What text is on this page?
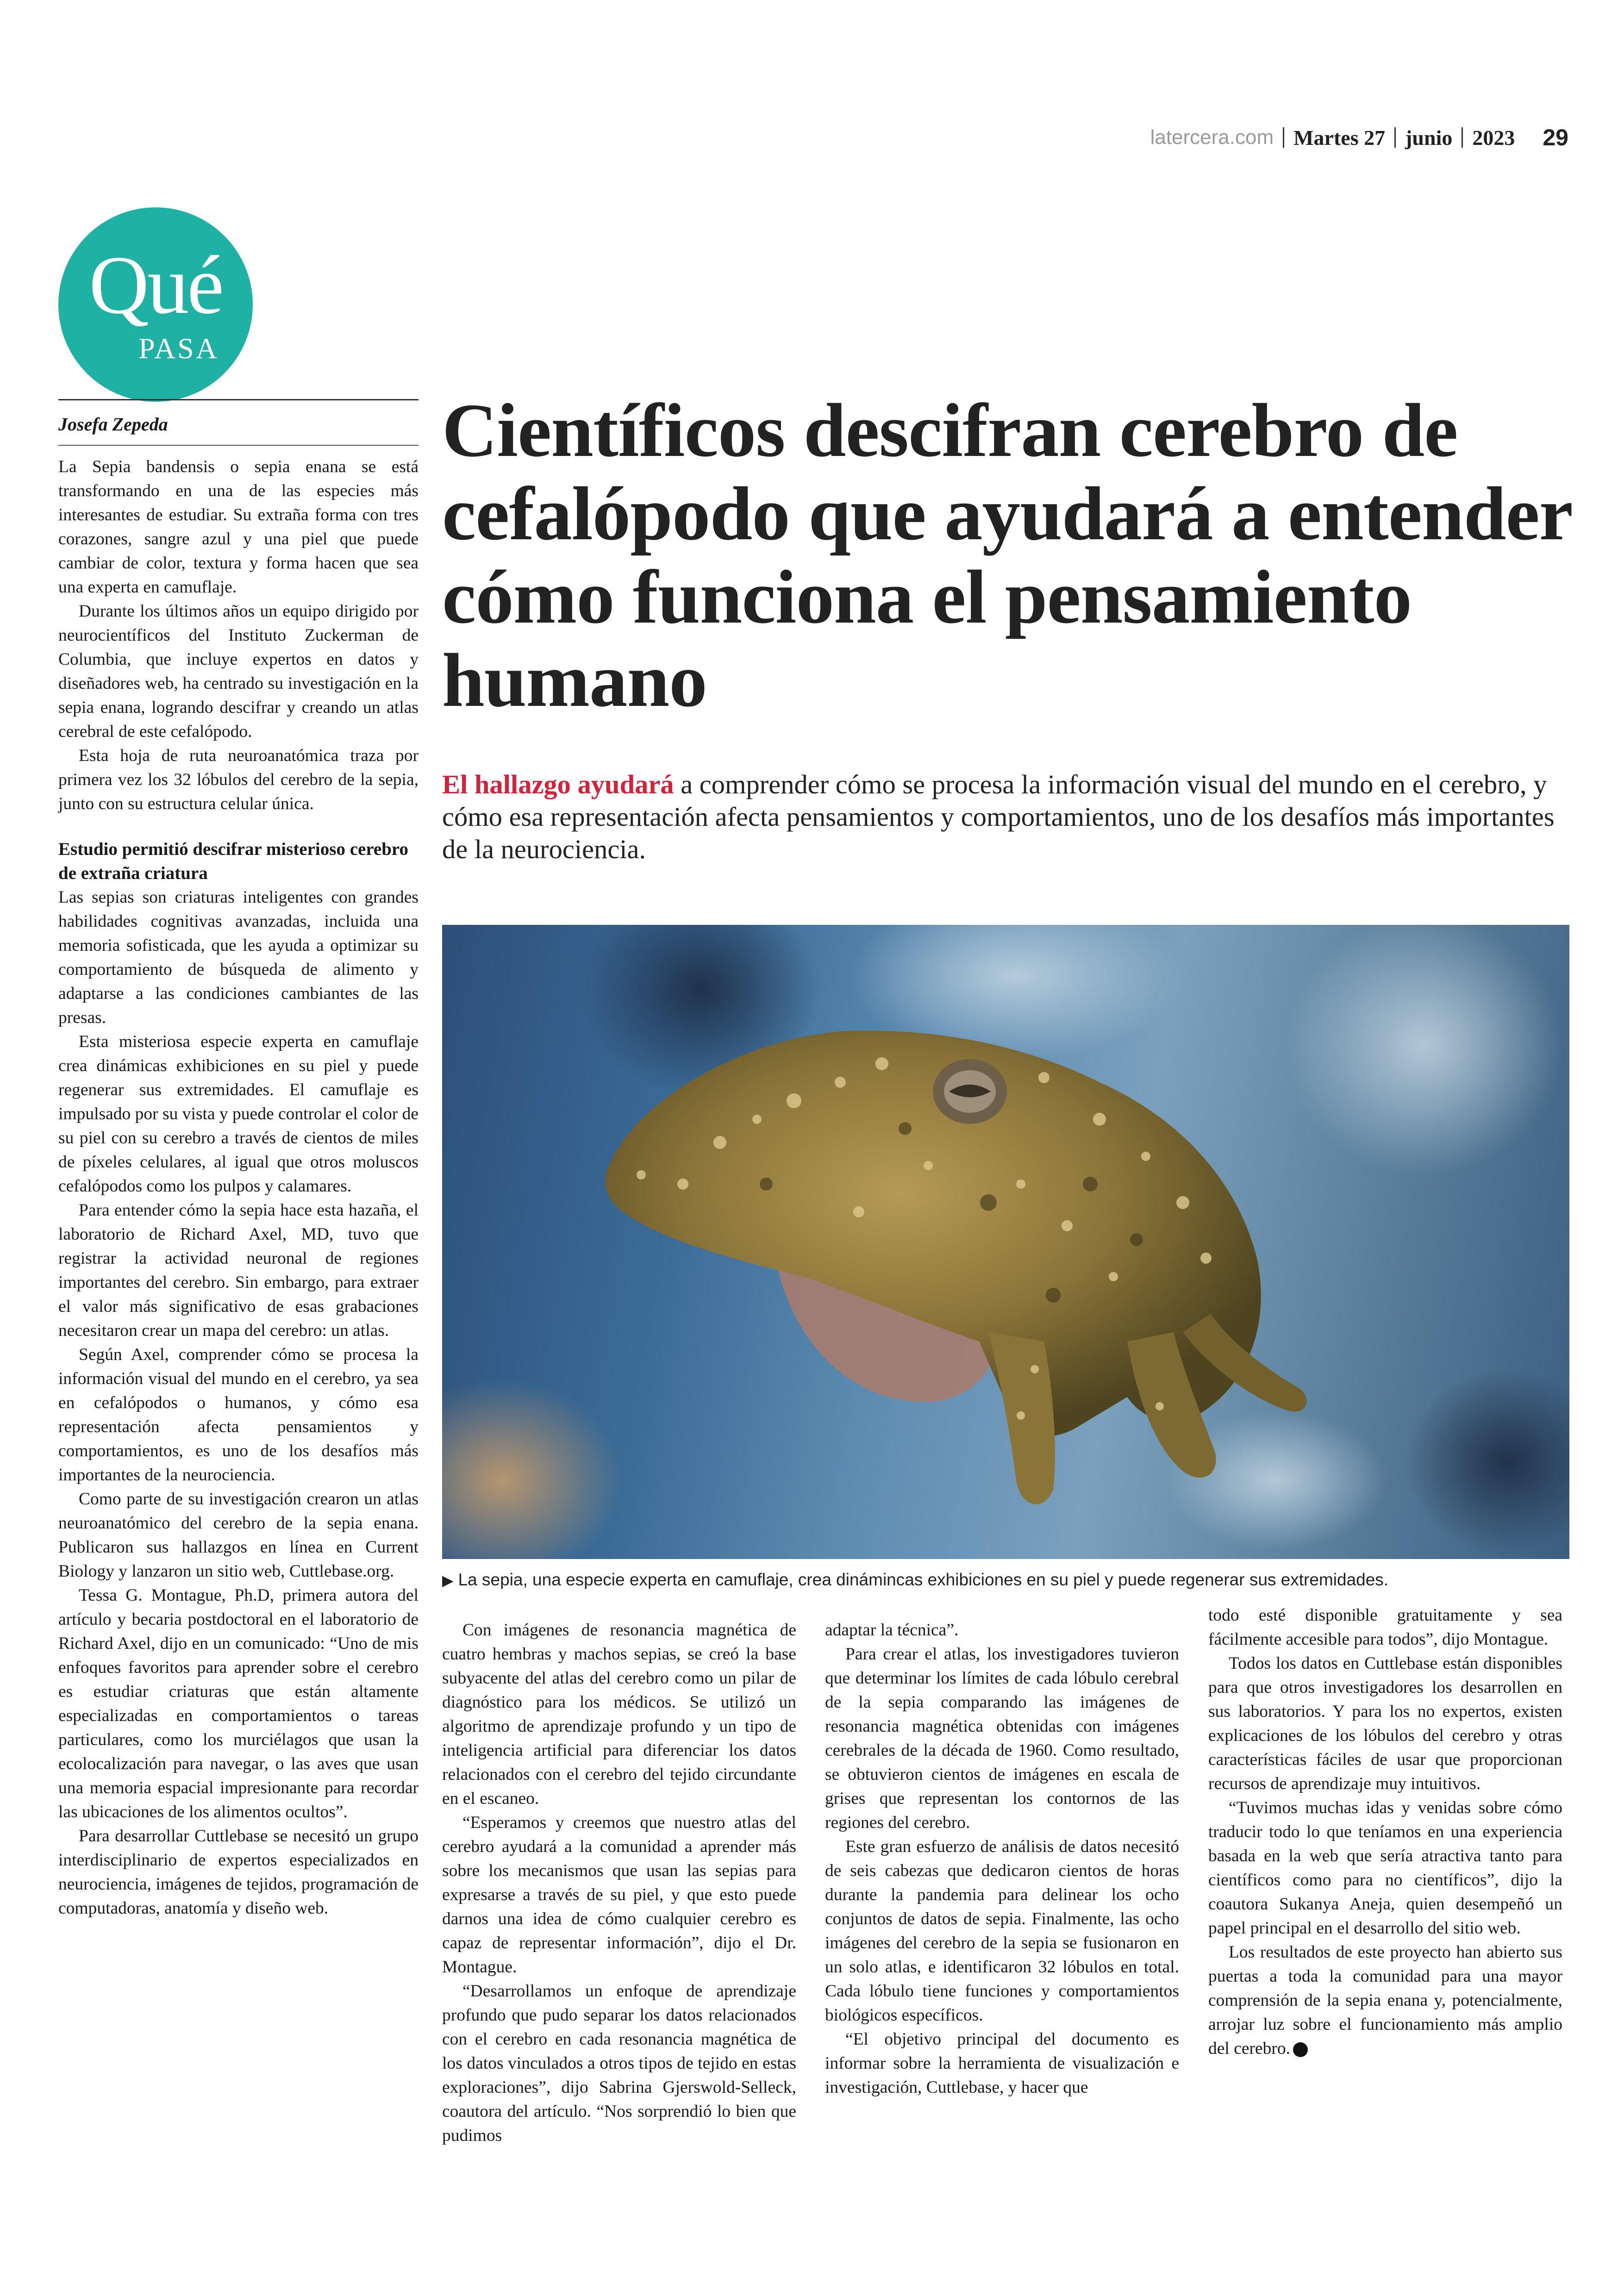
latercera.com Martes 27 junio 2023 29
Qué
PASA
Científicos descifran cerebro de cefalópodo que ayudará a entender cómo funciona el pensamiento humano

El hallazgo ayudará a comprender cómo se procesa la información visual del mundo en el cerebro, y cómo esa representación afecta pensamientos y comportamientos, uno de los desafíos más importantes de la neurociencia.

Josefa Zepeda

La Sepia bandensis o sepia enana se está transformando en una de las especies más interesantes de estudiar. Su extraña forma con tres corazones, sangre azul y una piel que puede cambiar de color, textura y forma hacen que sea una experta en camuflaje.

Durante los últimos años un equipo dirigido por neurocientíficos del Instituto Zuckerman de Columbia, que incluye expertos en datos y diseñadores web, ha centrado su investigación en la sepia enana, logrando descifrar y creando un atlas cerebral de este cefalópodo.

Esta hoja de ruta neuroanatómica traza por primera vez los 32 lóbulos del cerebro de la sepia, junto con su estructura celular única.

Estudio permitió descifrar misterioso cerebro de extraña criatura

Las sepias son criaturas inteligentes con grandes habilidades cognitivas avanzadas, incluida una memoria sofisticada, que les ayuda a optimizar su comportamiento de búsqueda de alimento y adaptarse a las condiciones cambiantes de las presas.

Esta misteriosa especie experta en camuflaje crea dinámicas exhibiciones en su piel y puede regenerar sus extremidades. El camuflaje es impulsado por su vista y puede controlar el color de su piel con su cerebro a través de cientos de miles de píxeles celulares, al igual que otros moluscos cefalópodos como los pulpos y calamares.

Para entender cómo la sepia hace esta hazaña, el laboratorio de Richard Axel, MD, tuvo que registrar la actividad neuronal de regiones importantes del cerebro. Sin embargo, para extraer el valor más significativo de esas grabaciones necesitaron crear un mapa del cerebro: un atlas.

Según Axel, comprender cómo se procesa la información visual del mundo en el cerebro, ya sea en cefalópodos o humanos, y cómo esa representación afecta pensamientos y comportamientos, es uno de los desafíos más importantes de la neurociencia.

Como parte de su investigación crearon un atlas neuroanatómico del cerebro de la sepia enana. Publicaron sus hallazgos en línea en Current Biology y lanzaron un sitio web, Cuttlebase.org.

Tessa G. Montague, Ph.D, primera autora del artículo y becaria postdoctoral en el laboratorio de Richard Axel, dijo en un comunicado: “Uno de mis enfoques favoritos para aprender sobre el cerebro es estudiar criaturas que están altamente especializadas en comportamientos o tareas particulares, como los murciélagos que usan la ecolocalización para navegar, o las aves que usan una memoria espacial impresionante para recordar las ubicaciones de los alimentos ocultos”.

Para desarrollar Cuttlebase se necesitó un grupo interdisciplinario de expertos especializados en neurociencia, imágenes de tejidos, programación de computadoras, anatomía y diseño web.

▶ La sepia, una especie experta en camuflaje, crea dinámincas exhibiciones en su piel y puede regenerar sus extremidades.

Con imágenes de resonancia magnética de cuatro hembras y machos sepias, se creó la base subyacente del atlas del cerebro como un pilar de diagnóstico para los médicos. Se utilizó un algoritmo de aprendizaje profundo y un tipo de inteligencia artificial para diferenciar los datos relacionados con el cerebro del tejido circundante en el escaneo.

“Esperamos y creemos que nuestro atlas del cerebro ayudará a la comunidad a aprender más sobre los mecanismos que usan las sepias para expresarse a través de su piel, y que esto puede darnos una idea de cómo cualquier cerebro es capaz de representar información”, dijo el Dr. Montague.

“Desarrollamos un enfoque de aprendizaje profundo que pudo separar los datos relacionados con el cerebro en cada resonancia magnética de los datos vinculados a otros tipos de tejido en estas exploraciones”, dijo Sabrina Gjerswold-Selleck, coautora del artículo. “Nos sorprendió lo bien que pudimos

adaptar la técnica”.

Para crear el atlas, los investigadores tuvieron que determinar los límites de cada lóbulo cerebral de la sepia comparando las imágenes de resonancia magnética obtenidas con imágenes cerebrales de la década de 1960. Como resultado, se obtuvieron cientos de imágenes en escala de grises que representan los contornos de las regiones del cerebro.

Este gran esfuerzo de análisis de datos necesitó de seis cabezas que dedicaron cientos de horas durante la pandemia para delinear los ocho conjuntos de datos de sepia. Finalmente, las ocho imágenes del cerebro de la sepia se fusionaron en un solo atlas, e identificaron 32 lóbulos en total. Cada lóbulo tiene funciones y comportamientos biológicos específicos.

“El objetivo principal del documento es informar sobre la herramienta de visualización e investigación, Cuttlebase, y hacer que

todo esté disponible gratuitamente y sea fácilmente accesible para todos”, dijo Montague.

Todos los datos en Cuttlebase están disponibles para que otros investigadores los desarrollen en sus laboratorios. Y para los no expertos, existen explicaciones de los lóbulos del cerebro y otras características fáciles de usar que proporcionan recursos de aprendizaje muy intuitivos.

“Tuvimos muchas idas y venidas sobre cómo traducir todo lo que teníamos en una experiencia basada en la web que sería atractiva tanto para científicos como para no científicos”, dijo la coautora Sukanya Aneja, quien desempeñó un papel principal en el desarrollo del sitio web.

Los resultados de este proyecto han abierto sus puertas a toda la comunidad para una mayor comprensión de la sepia enana y, potencialmente, arrojar luz sobre el funcionamiento más amplio del cerebro.
